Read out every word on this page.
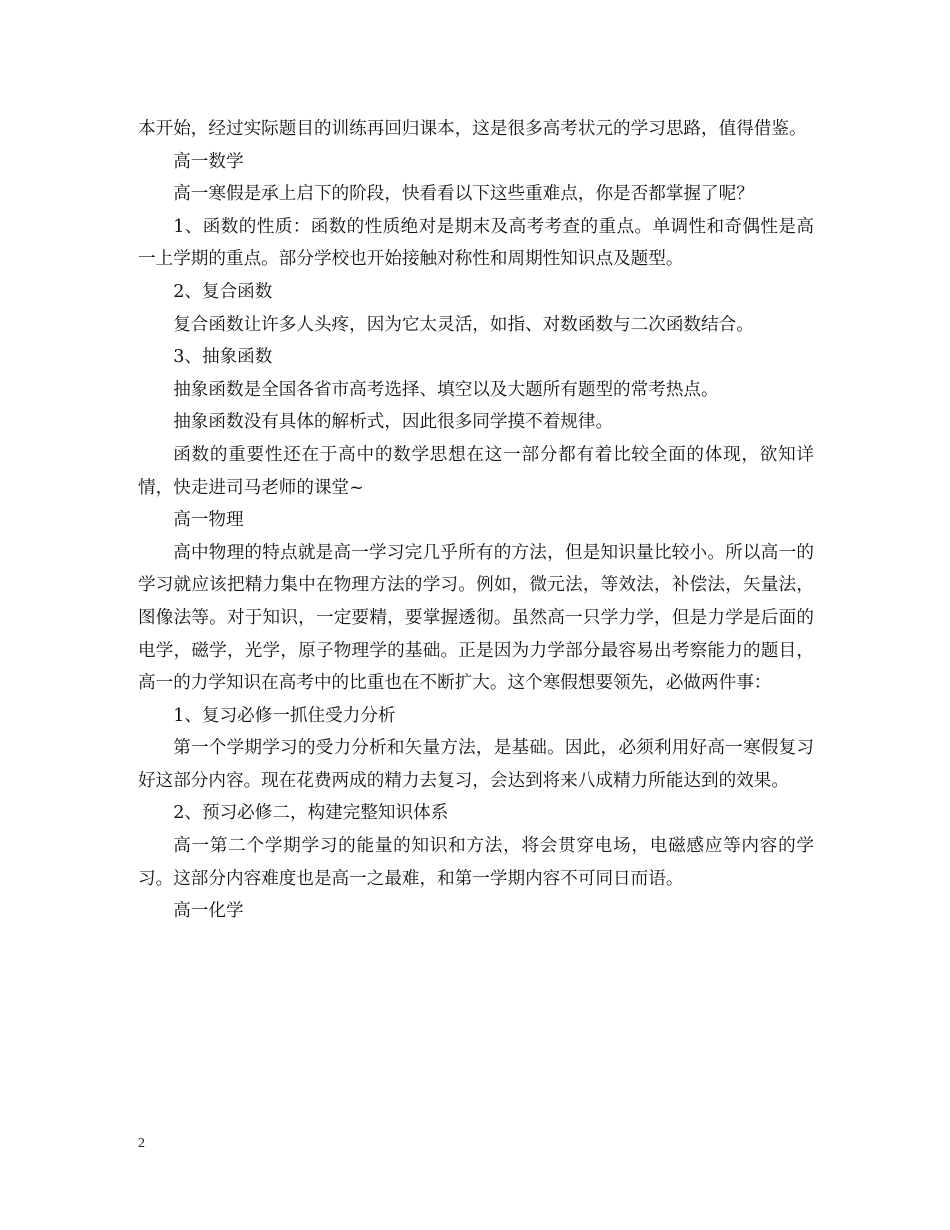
本开始，经过实际题目的训练再回归课本，这是很多高考状元的学习思路，值得借鉴。

高一数学

高一寒假是承上启下的阶段，快看看以下这些重难点，你是否都掌握了呢？

1、函数的性质：函数的性质绝对是期末及高考考查的重点。单调性和奇偶性是高一上学期的重点。部分学校也开始接触对称性和周期性知识点及题型。

2、复合函数

复合函数让许多人头疼，因为它太灵活，如指、对数函数与二次函数结合。

3、抽象函数

抽象函数是全国各省市高考选择、填空以及大题所有题型的常考热点。

抽象函数没有具体的解析式，因此很多同学摸不着规律。

函数的重要性还在于高中的数学思想在这一部分都有着比较全面的体现，欲知详情，快走进司马老师的课堂~

高一物理

高中物理的特点就是高一学习完几乎所有的方法，但是知识量比较小。所以高一的学习就应该把精力集中在物理方法的学习。例如，微元法，等效法，补偿法，矢量法，图像法等。对于知识，一定要精，要掌握透彻。虽然高一只学力学，但是力学是后面的电学，磁学，光学，原子物理学的基础。正是因为力学部分最容易出考察能力的题目，高一的力学知识在高考中的比重也在不断扩大。这个寒假想要领先，必做两件事：

1、复习必修一抓住受力分析

第一个学期学习的受力分析和矢量方法，是基础。因此，必须利用好高一寒假复习好这部分内容。现在花费两成的精力去复习，会达到将来八成精力所能达到的效果。

2、预习必修二，构建完整知识体系

高一第二个学期学习的能量的知识和方法，将会贯穿电场，电磁感应等内容的学习。这部分内容难度也是高一之最难，和第一学期内容不可同日而语。

高一化学

2
